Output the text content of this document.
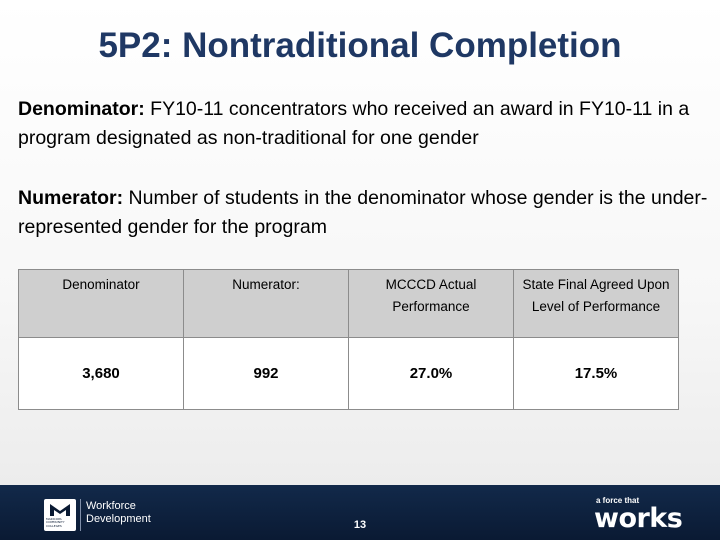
5P2: Nontraditional Completion
Denominator: FY10-11 concentrators who received an award in FY10-11 in a program designated as non-traditional for one gender
Numerator: Number of students in the denominator whose gender is the under-represented gender for the program
Denominator	Numerator:	MCCCD Actual Performance	State Final Agreed Upon Level of Performance
3,680	992	27.0%	17.5%
MARICOPA COMMUNITY COLLEGES
Workforce
Development	13
a force that
works
